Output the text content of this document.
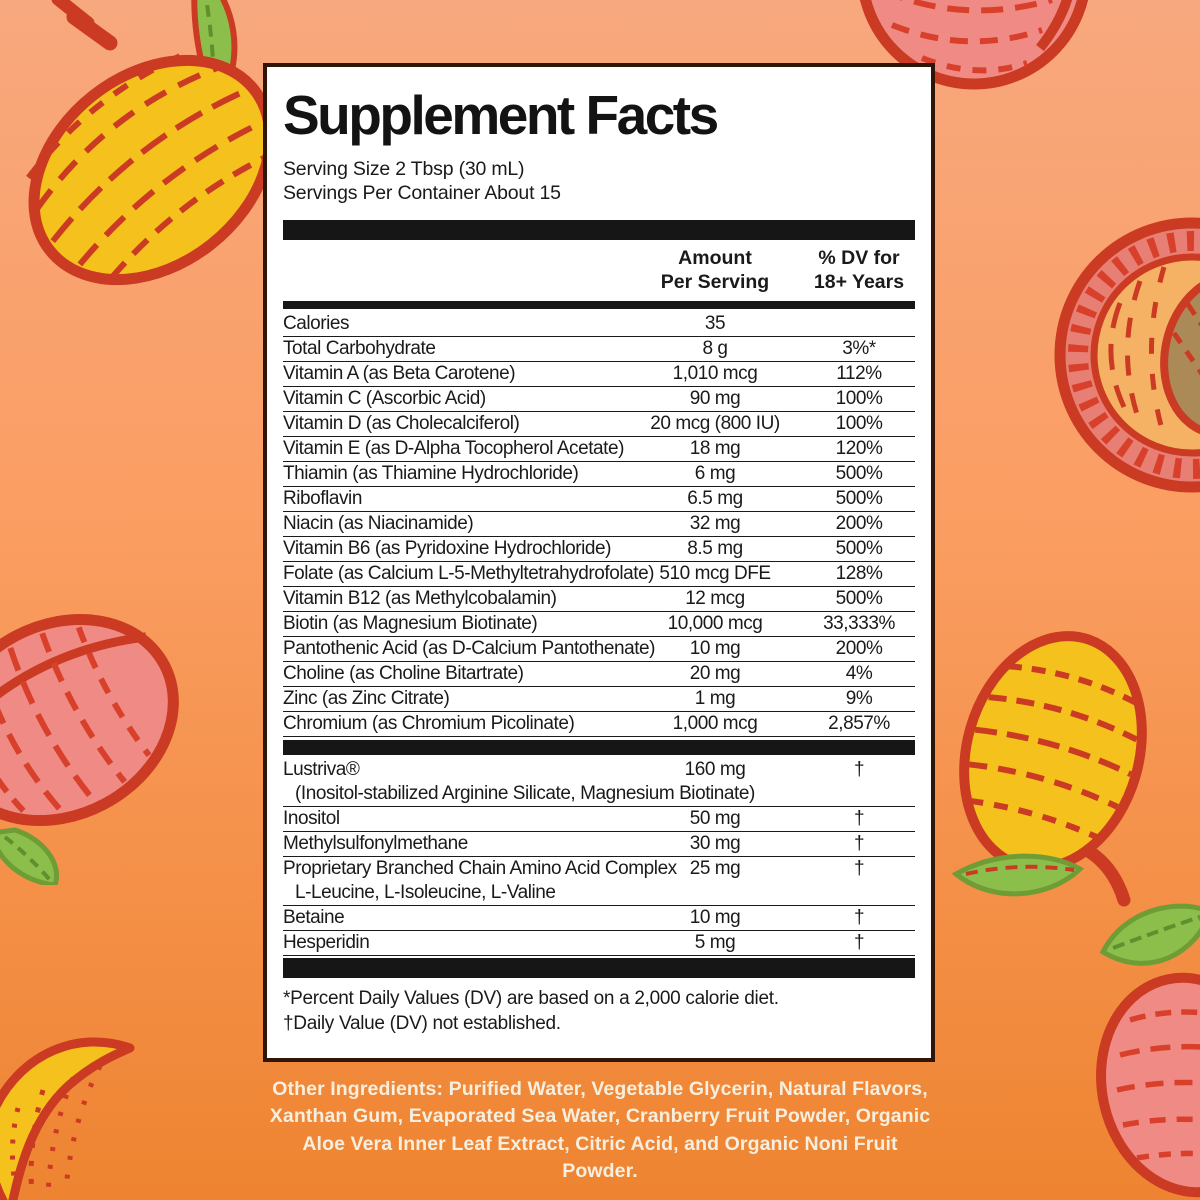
Supplement Facts
Serving Size 2 Tbsp (30 mL)
Servings Per Container About 15
Amount
Per Serving
% DV for
18+ Years
Calories	35
Total Carbohydrate	8 g	3%*
Vitamin A (as Beta Carotene)	1,010 mcg	112%
Vitamin C (Ascorbic Acid)	90 mg	100%
Vitamin D (as Cholecalciferol)	20 mcg (800 IU)	100%
Vitamin E (as D-Alpha Tocopherol Acetate)	18 mg	120%
Thiamin (as Thiamine Hydrochloride)	6 mg	500%
Riboflavin	6.5 mg	500%
Niacin (as Niacinamide)	32 mg	200%
Vitamin B6 (as Pyridoxine Hydrochloride)	8.5 mg	500%
Folate (as Calcium L-5-Methyltetrahydrofolate) 510 mcg DFE	128%
Vitamin B12 (as Methylcobalamin)	12 mcg	500%
Biotin (as Magnesium Biotinate)	10,000 mcg	33,333%
Pantothenic Acid (as D-Calcium Pantothenate)	10 mg	200%
Choline (as Choline Bitartrate)	20 mg	4%
Zinc (as Zinc Citrate)	1 mg	9%
Chromium (as Chromium Picolinate)	1,000 mcg	2,857%
Lustriva®	160 mg	†
(Inositol-stabilized Arginine Silicate, Magnesium Biotinate)
Inositol	50 mg	†
Methylsulfonylmethane	30 mg	†
Proprietary Branched Chain Amino Acid Complex 25 mg	†
L-Leucine, L-Isoleucine, L-Valine
Betaine	10 mg	†
Hesperidin	5 mg	†
*Percent Daily Values (DV) are based on a 2,000 calorie diet.
†Daily Value (DV) not established.
Other Ingredients: Purified Water, Vegetable Glycerin, Natural Flavors, Xanthan Gum, Evaporated Sea Water, Cranberry Fruit Powder, Organic Aloe Vera Inner Leaf Extract, Citric Acid, and Organic Noni Fruit Powder.
